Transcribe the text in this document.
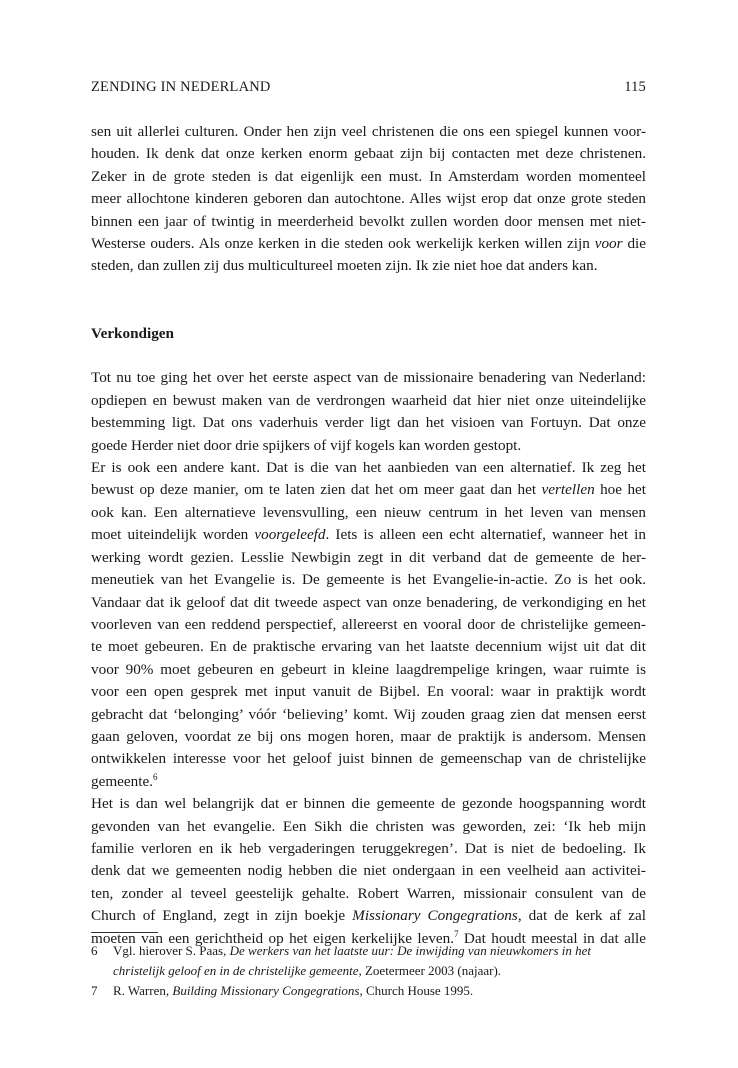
ZENDING IN NEDERLAND	115

sen uit allerlei culturen. Onder hen zijn veel christenen die ons een spiegel kunnen voor-
houden. Ik denk dat onze kerken enorm gebaat zijn bij contacten met deze christenen.
Zeker in de grote steden is dat eigenlijk een must. In Amsterdam worden momenteel
meer allochtone kinderen geboren dan autochtone. Alles wijst erop dat onze grote steden
binnen een jaar of twintig in meerderheid bevolkt zullen worden door mensen met niet-
Westerse ouders. Als onze kerken in die steden ook werkelijk kerken willen zijn voor die
steden, dan zullen zij dus multicultureel moeten zijn. Ik zie niet hoe dat anders kan.

Verkondigen

Tot nu toe ging het over het eerste aspect van de missionaire benadering van Nederland:
opdiepen en bewust maken van de verdrongen waarheid dat hier niet onze uiteindelijke
bestemming ligt. Dat ons vaderhuis verder ligt dan het visioen van Fortuyn. Dat onze
goede Herder niet door drie spijkers of vijf kogels kan worden gestopt.

Er is ook een andere kant. Dat is die van het aanbieden van een alternatief. Ik zeg het
bewust op deze manier, om te laten zien dat het om meer gaat dan het vertellen hoe het
ook kan. Een alternatieve levensvulling, een nieuw centrum in het leven van mensen
moet uiteindelijk worden voorgeleefd. Iets is alleen een echt alternatief, wanneer het in
werking wordt gezien. Lesslie Newbigin zegt in dit verband dat de gemeente de her-
meneutiek van het Evangelie is. De gemeente is het Evangelie-in-actie. Zo is het ook.
Vandaar dat ik geloof dat dit tweede aspect van onze benadering, de verkondiging en het
voorleven van een reddend perspectief, allereerst en vooral door de christelijke gemeen-
te moet gebeuren. En de praktische ervaring van het laatste decennium wijst uit dat dit
voor 90% moet gebeuren en gebeurt in kleine laagdrempelige kringen, waar ruimte is
voor een open gesprek met input vanuit de Bijbel. En vooral: waar in praktijk wordt
gebracht dat ‘belonging’ vóór ‘believing’ komt. Wij zouden graag zien dat mensen eerst
gaan geloven, voordat ze bij ons mogen horen, maar de praktijk is andersom. Mensen
ontwikkelen interesse voor het geloof juist binnen de gemeenschap van de christelijke
gemeente.$^6$

Het is dan wel belangrijk dat er binnen die gemeente de gezonde hoogspanning wordt
gevonden van het evangelie. Een Sikh die christen was geworden, zei: ‘Ik heb mijn
familie verloren en ik heb vergaderingen teruggekregen’. Dat is niet de bedoeling. Ik
denk dat we gemeenten nodig hebben die niet ondergaan in een veelheid aan activitei-
ten, zonder al teveel geestelijk gehalte. Robert Warren, missionair consulent van de
Church of England, zegt in zijn boekje Missionary Congegrations, dat de kerk af zal
moeten van een gerichtheid op het eigen kerkelijke leven.$^7$ Dat houdt meestal in dat alle

6 Vgl. hierover S. Paas, De werkers van het laatste uur: De inwijding van nieuwkomers in het
christelijk geloof en in de christelijke gemeente, Zoetermeer 2003 (najaar).
7 R. Warren, Building Missionary Congegrations, Church House 1995.
